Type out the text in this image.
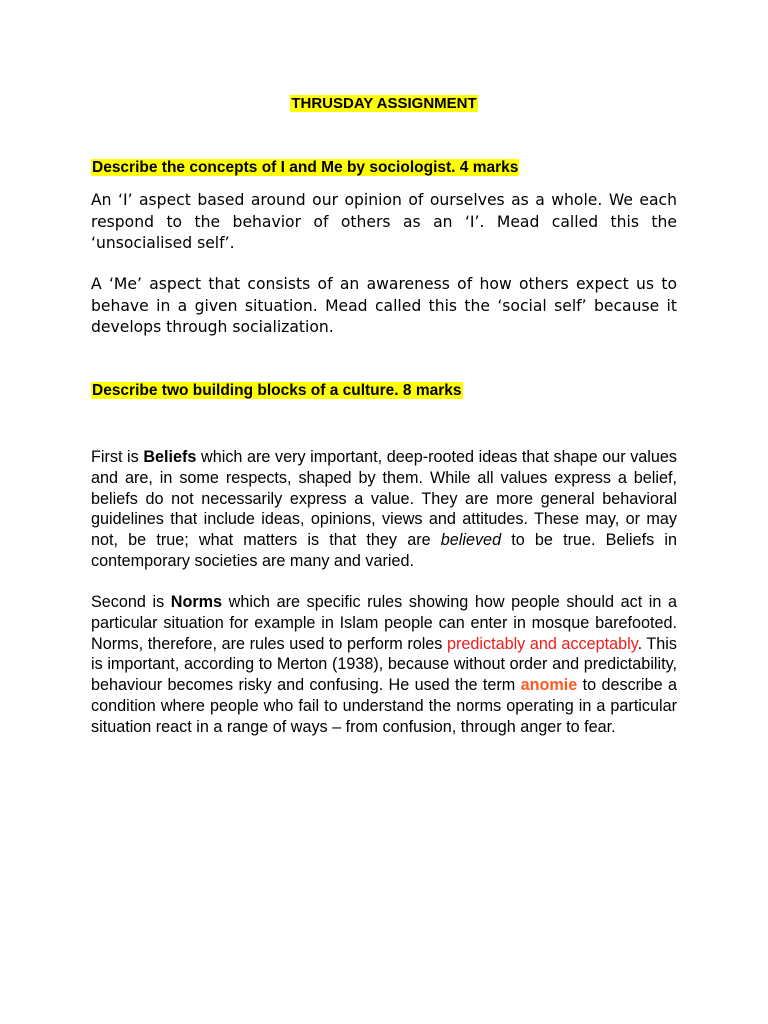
THRUSDAY ASSIGNMENT
Describe the concepts of I and Me by sociologist. 4 marks

An ‘I’ aspect based around our opinion of ourselves as a whole. We each respond to the behavior of others as an ‘I’. Mead called this the ‘unsocialised self’.

A ‘Me’ aspect that consists of an awareness of how others expect us to behave in a given situation. Mead called this the ‘social self’ because it develops through socialization.

Describe two building blocks of a culture. 8 marks

First is Beliefs which are very important, deep-rooted ideas that shape our values and are, in some respects, shaped by them. While all values express a belief, beliefs do not necessarily express a value. They are more general behavioral guidelines that include ideas, opinions, views and attitudes. These may, or may not, be true; what matters is that they are believed to be true. Beliefs in contemporary societies are many and varied.

Second is Norms which are specific rules showing how people should act in a particular situation for example in Islam people can enter in mosque barefooted. Norms, therefore, are rules used to perform roles predictably and acceptably. This is important, according to Merton (1938), because without order and predictability, behaviour becomes risky and confusing. He used the term anomie to describe a condition where people who fail to understand the norms operating in a particular situation react in a range of ways – from confusion, through anger to fear.
